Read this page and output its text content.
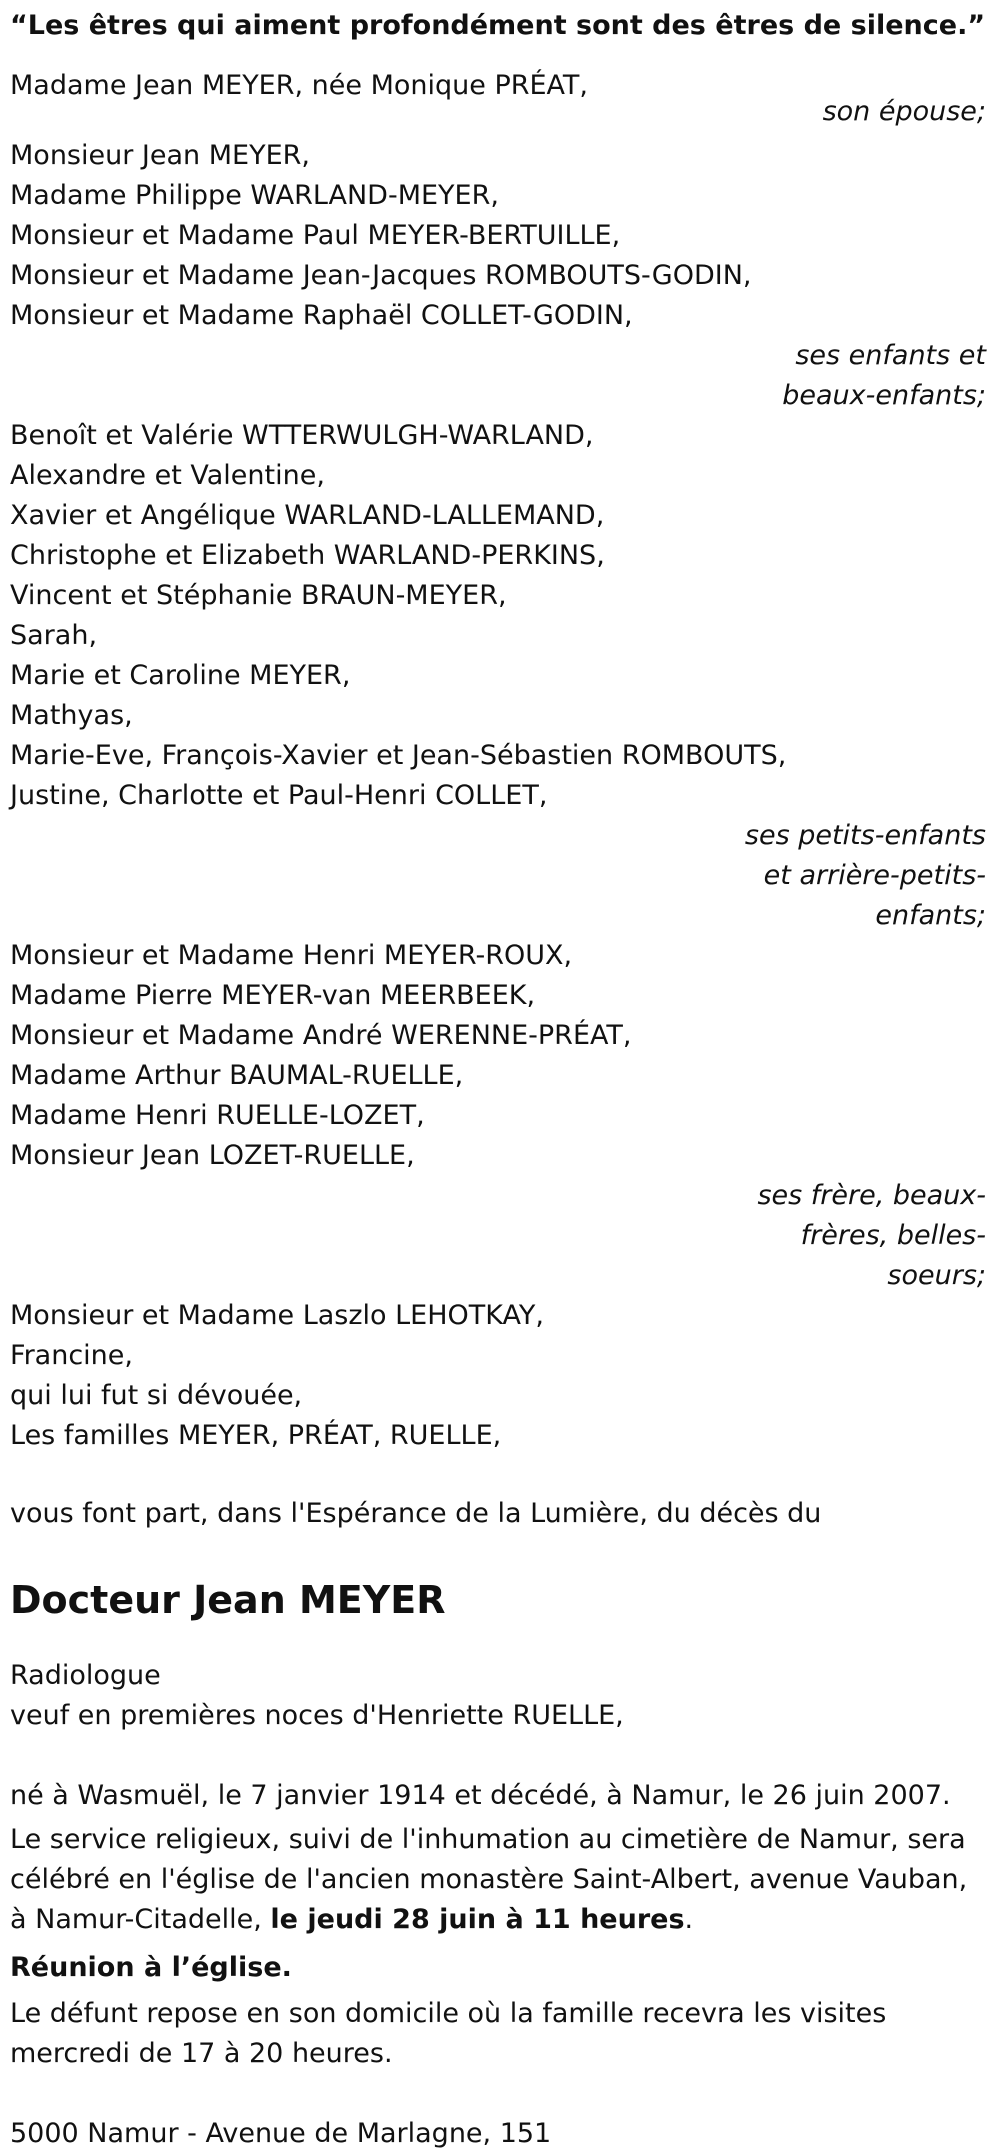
“Les êtres qui aiment profondément sont des êtres de silence.”
Madame Jean MEYER, née Monique PRÉAT,
son épouse;
Monsieur Jean MEYER,
Madame Philippe WARLAND-MEYER,
Monsieur et Madame Paul MEYER-BERTUILLE,
Monsieur et Madame Jean-Jacques ROMBOUTS-GODIN,
Monsieur et Madame Raphaël COLLET-GODIN,
ses enfants et
beaux-enfants;
Benoît et Valérie WTTERWULGH-WARLAND,
Alexandre et Valentine,
Xavier et Angélique WARLAND-LALLEMAND,
Christophe et Elizabeth WARLAND-PERKINS,
Vincent et Stéphanie BRAUN-MEYER,
Sarah,
Marie et Caroline MEYER,
Mathyas,
Marie-Eve, François-Xavier et Jean-Sébastien ROMBOUTS,
Justine, Charlotte et Paul-Henri COLLET,
ses petits-enfants
et arrière-petits-
enfants;
Monsieur et Madame Henri MEYER-ROUX,
Madame Pierre MEYER-van MEERBEEK,
Monsieur et Madame André WERENNE-PRÉAT,
Madame Arthur BAUMAL-RUELLE,
Madame Henri RUELLE-LOZET,
Monsieur Jean LOZET-RUELLE,
ses frère, beaux-
frères, belles-
soeurs;
Monsieur et Madame Laszlo LEHOTKAY,
Francine,
qui lui fut si dévouée,
Les familles MEYER, PRÉAT, RUELLE,
vous font part, dans l'Espérance de la Lumière, du décès du
Docteur Jean MEYER
Radiologue
veuf en premières noces d'Henriette RUELLE,
né à Wasmuël, le 7 janvier 1914 et décédé, à Namur, le 26 juin 2007.

Le service religieux, suivi de l'inhumation au cimetière de Namur, sera célébré en l'église de l'ancien monastère Saint-Albert, avenue Vauban, à Namur-Citadelle, le jeudi 28 juin à 11 heures.

Réunion à l’église.

Le défunt repose en son domicile où la famille recevra les visites mercredi de 17 à 20 heures.

5000 Namur - Avenue de Marlagne, 151
